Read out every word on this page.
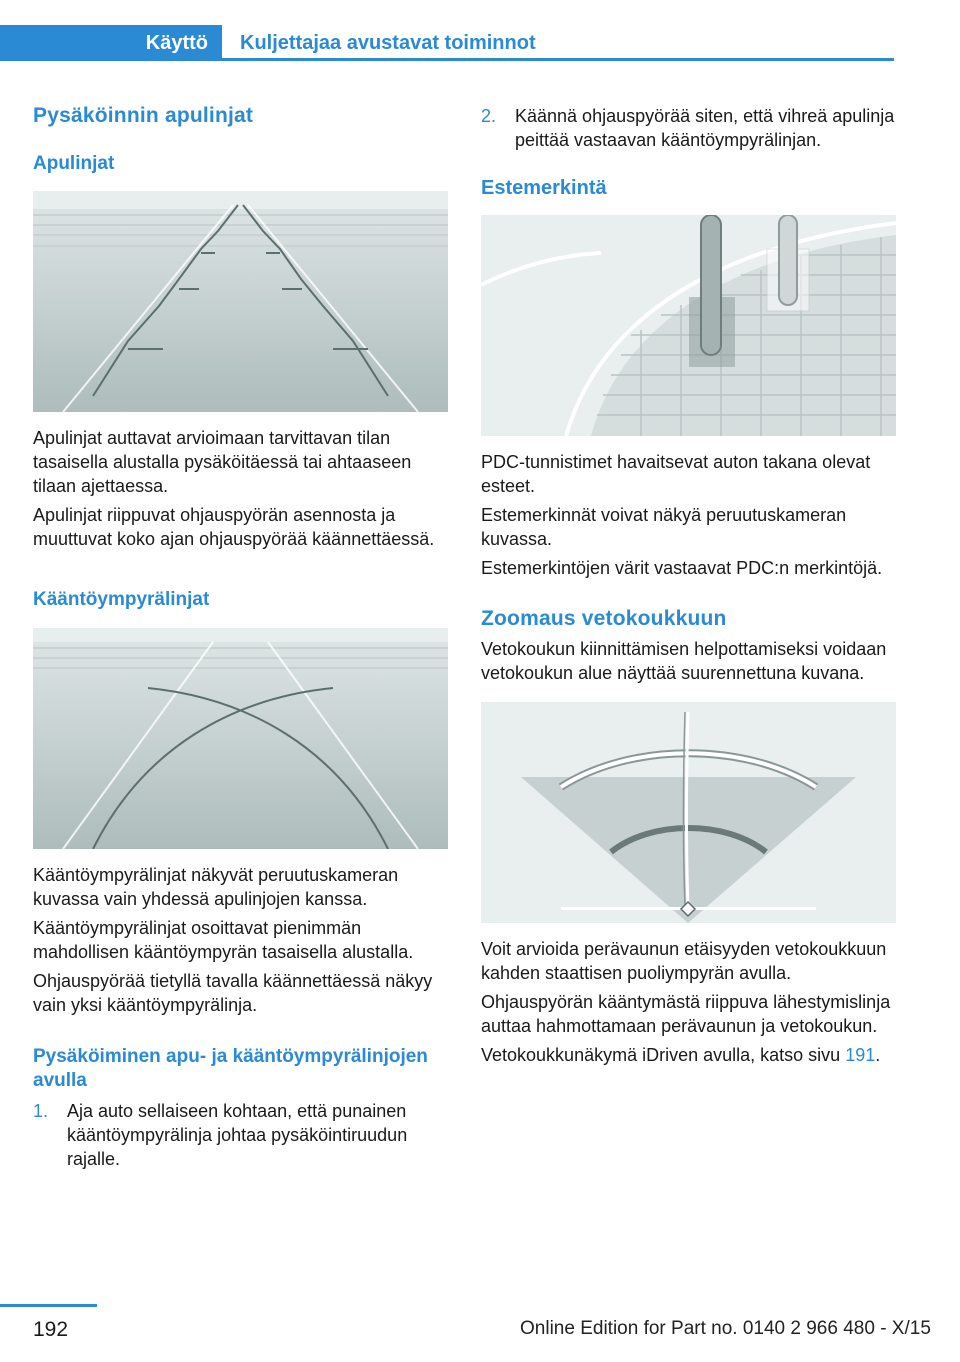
Käyttö	Kuljettajaa avustavat toiminnot
Pysäköinnin apulinjat
Apulinjat

Apulinjat auttavat arvioimaan tarvittavan tilan tasaisella alustalla pysäköitäessä tai ahtaaseen tilaan ajettaessa.

Apulinjat riippuvat ohjauspyörän asennosta ja muuttuvat koko ajan ohjauspyörää käännettäessä.

Kääntöympyrälinjat

Kääntöympyrälinjat näkyvät peruutuskameran kuvassa vain yhdessä apulinjojen kanssa.

Kääntöympyrälinjat osoittavat pienimmän mahdollisen kääntöympyrän tasaisella alustalla.

Ohjauspyörää tietyllä tavalla käännettäessä näkyy vain yksi kääntöympyrälinja.

Pysäköiminen apu- ja kääntöympyrälinjojen avulla
1. Aja auto sellaiseen kohtaan, että punainen kääntöympyrälinja johtaa pysäköintiruudun rajalle.
2. Käännä ohjauspyörää siten, että vihreä apulinja peittää vastaavan kääntöympyrälinjan.
Estemerkintä

PDC-tunnistimet havaitsevat auton takana olevat esteet.

Estemerkinnät voivat näkyä peruutuskameran kuvassa.

Estemerkintöjen värit vastaavat PDC:n merkintöjä.

Zoomaus vetokoukkuun

Vetokoukun kiinnittämisen helpottamiseksi voidaan vetokoukun alue näyttää suurennettuna kuvana.

Voit arvioida perävaunun etäisyyden vetokoukkuun kahden staattisen puoliympyrän avulla.

Ohjauspyörän kääntymästä riippuva lähestymislinja auttaa hahmottamaan perävaunun ja vetokoukun.

Vetokoukkunäkymä iDriven avulla, katso sivu 191.

192	Online Edition for Part no. 0140 2 966 480 - X/15
